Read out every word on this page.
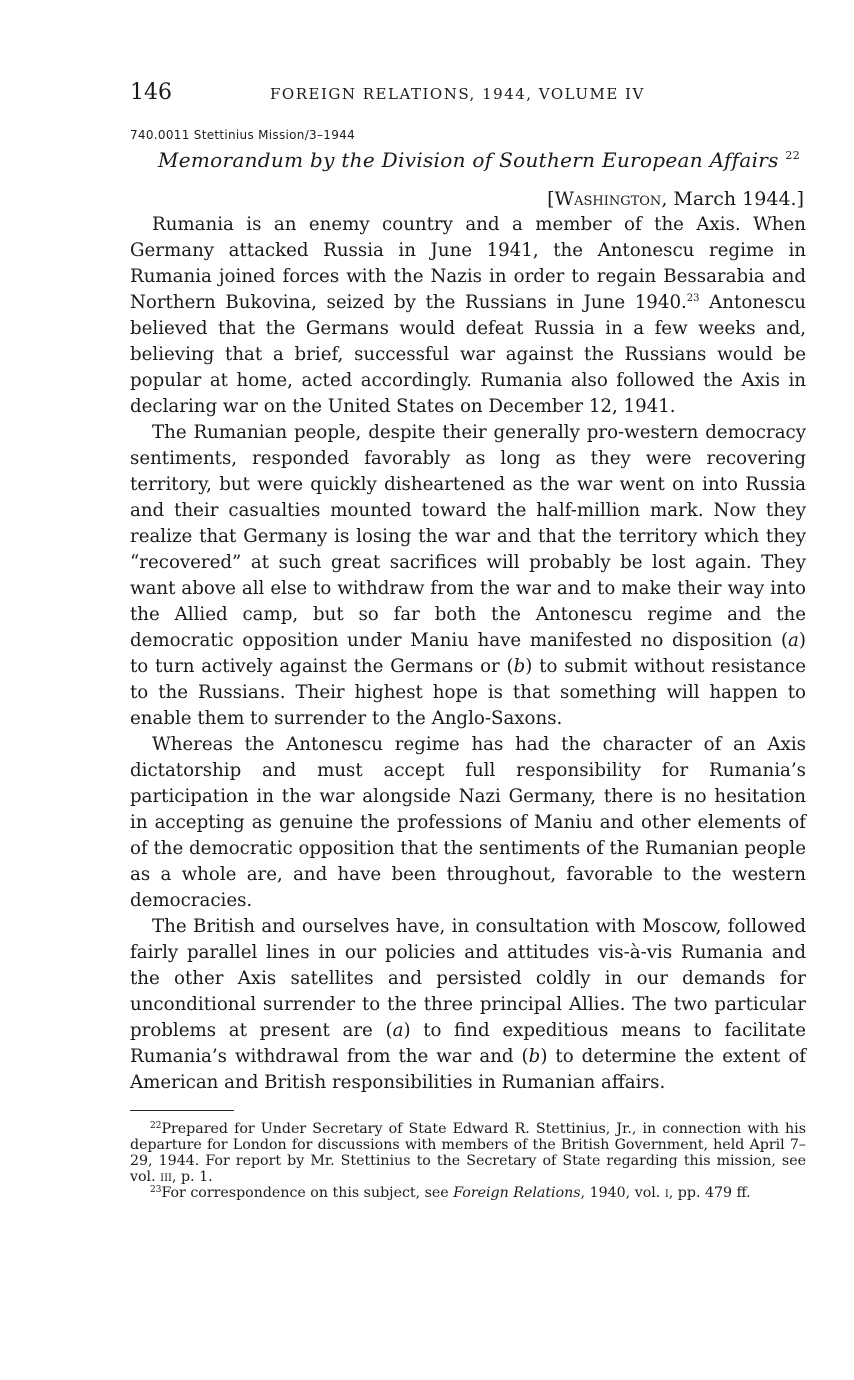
146	FOREIGN RELATIONS, 1944, VOLUME IV
740.0011 Stettinius Mission/3–1944
Memorandum by the Division of Southern European Affairs $^{22}$
[Washington, March 1944.]

Rumania is an enemy country and a member of the Axis. When Germany attacked Russia in June 1941, the Antonescu regime in Rumania joined forces with the Nazis in order to regain Bessarabia and Northern Bukovina, seized by the Russians in June 1940.23 Antonescu believed that the Germans would defeat Russia in a few weeks and, believing that a brief, successful war against the Russians would be popular at home, acted accordingly. Rumania also followed the Axis in declaring war on the United States on December 12, 1941.

The Rumanian people, despite their generally pro-western democracy sentiments, responded favorably as long as they were recovering territory, but were quickly disheartened as the war went on into Russia and their casualties mounted toward the half-million mark. Now they realize that Germany is losing the war and that the territory which they “recovered” at such great sacrifices will probably be lost again. They want above all else to withdraw from the war and to make their way into the Allied camp, but so far both the Antonescu regime and the democratic opposition under Maniu have manifested no disposition (a) to turn actively against the Germans or (b) to submit without resistance to the Russians. Their highest hope is that something will happen to enable them to surrender to the Anglo-Saxons.

Whereas the Antonescu regime has had the character of an Axis dictatorship and must accept full responsibility for Rumania’s participation in the war alongside Nazi Germany, there is no hesitation in accepting as genuine the professions of Maniu and other elements of of the democratic opposition that the sentiments of the Rumanian people as a whole are, and have been throughout, favorable to the western democracies.

The British and ourselves have, in consultation with Moscow, followed fairly parallel lines in our policies and attitudes vis-à-vis Rumania and the other Axis satellites and persisted coldly in our demands for unconditional surrender to the three principal Allies. The two particular problems at present are (a) to find expeditious means to facilitate Rumania’s withdrawal from the war and (b) to determine the extent of American and British responsibilities in Rumanian affairs.

$^{22}$Prepared for Under Secretary of State Edward R. Stettinius, Jr., in connection with his departure for London for discussions with members of the British Government, held April 7–29, 1944. For report by Mr. Stettinius to the Secretary of State regarding this mission, see vol. iii, p. 1.

$^{23}$For correspondence on this subject, see Foreign Relations, 1940, vol. i, pp. 479 ff.
